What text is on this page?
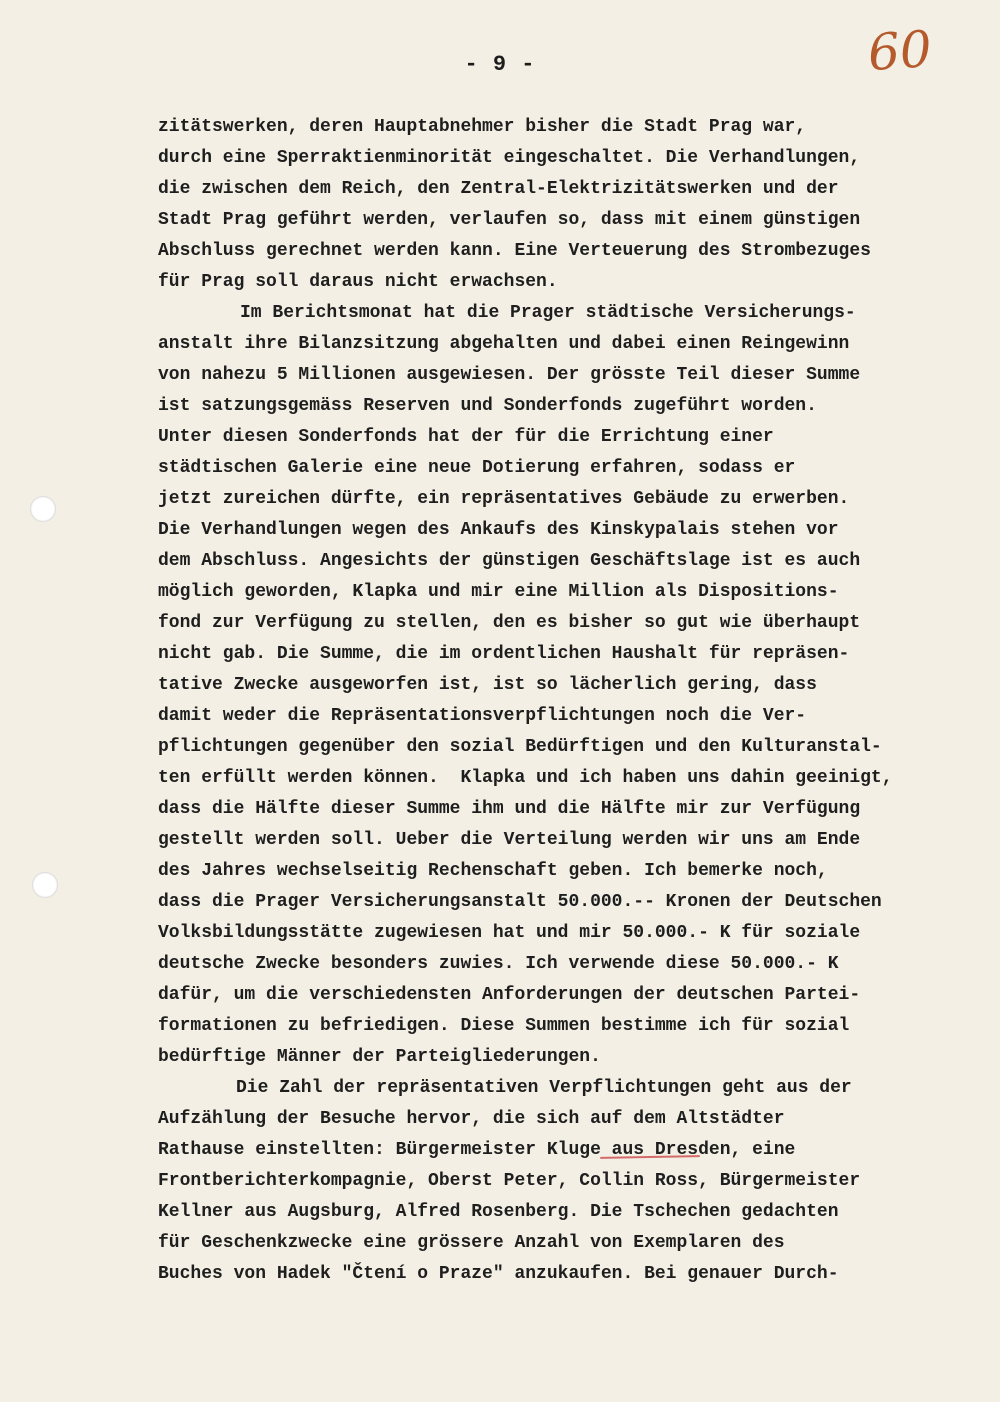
- 9 -	60
zitätswerken, deren Hauptabnehmer bisher die Stadt Prag war,
durch eine Sperraktienminorität eingeschaltet. Die Verhandlungen,
die zwischen dem Reich, den Zentral-Elektrizitätswerken und der
Stadt Prag geführt werden, verlaufen so, dass mit einem günstigen
Abschluss gerechnet werden kann. Eine Verteuerung des Strombezuges
für Prag soll daraus nicht erwachsen.
Im Berichtsmonat hat die Prager städtische Versicherungs-
anstalt ihre Bilanzsitzung abgehalten und dabei einen Reingewinn
von nahezu 5 Millionen ausgewiesen. Der grösste Teil dieser Summe
ist satzungsgemäss Reserven und Sonderfonds zugeführt worden.
Unter diesen Sonderfonds hat der für die Errichtung einer
städtischen Galerie eine neue Dotierung erfahren, sodass er
jetzt zureichen dürfte, ein repräsentatives Gebäude zu erwerben.
Die Verhandlungen wegen des Ankaufs des Kinskypalais stehen vor
dem Abschluss. Angesichts der günstigen Geschäftslage ist es auch
möglich geworden, Klapka und mir eine Million als Dispositions-
fond zur Verfügung zu stellen, den es bisher so gut wie überhaupt
nicht gab. Die Summe, die im ordentlichen Haushalt für repräsen-
tative Zwecke ausgeworfen ist, ist so lächerlich gering, dass
damit weder die Repräsentationsverpflichtungen noch die Ver-
pflichtungen gegenüber den sozial Bedürftigen und den Kulturanstal-
ten erfüllt werden können.  Klapka und ich haben uns dahin geeinigt,
dass die Hälfte dieser Summe ihm und die Hälfte mir zur Verfügung
gestellt werden soll. Ueber die Verteilung werden wir uns am Ende
des Jahres wechselseitig Rechenschaft geben. Ich bemerke noch,
dass die Prager Versicherungsanstalt 50.000.-- Kronen der Deutschen
Volksbildungsstätte zugewiesen hat und mir 50.000.- K für soziale
deutsche Zwecke besonders zuwies. Ich verwende diese 50.000.- K
dafür, um die verschiedensten Anforderungen der deutschen Partei-
formationen zu befriedigen. Diese Summen bestimme ich für sozial
bedürftige Männer der Parteigliederungen.
Die Zahl der repräsentativen Verpflichtungen geht aus der
Aufzählung der Besuche hervor, die sich auf dem Altstädter
Rathause einstellten: Bürgermeister Kluge aus Dresden, eine
Frontberichterkompagnie, Oberst Peter, Collin Ross, Bürgermeister
Kellner aus Augsburg, Alfred Rosenberg. Die Tschechen gedachten
für Geschenkzwecke eine grössere Anzahl von Exemplaren des
Buches von Hadek "Čtení o Praze" anzukaufen. Bei genauer Durch-
